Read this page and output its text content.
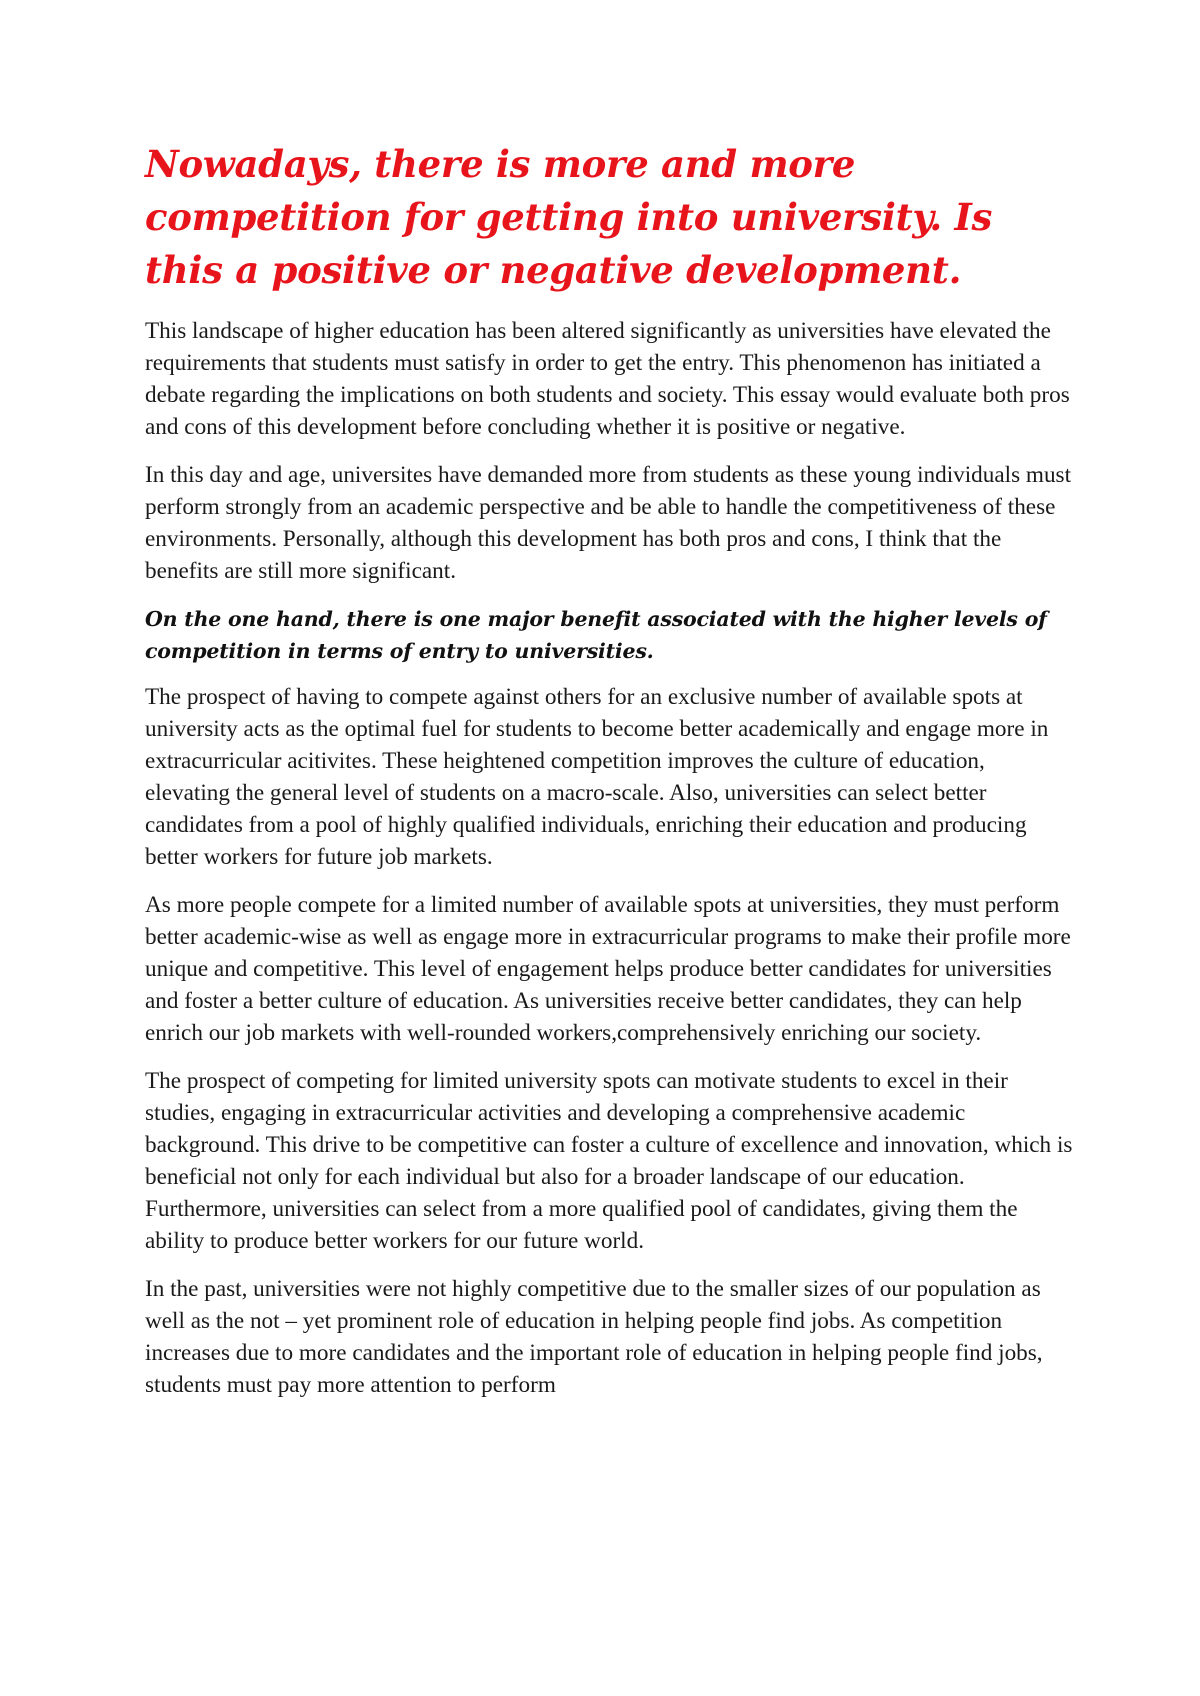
Nowadays, there is more and more competition for getting into university. Is this a positive or negative development.

This landscape of higher education has been altered significantly as universities have elevated the requirements that students must satisfy in order to get the entry. This phenomenon has initiated a debate regarding the implications on both students and society. This essay would evaluate both pros and cons of this development before concluding whether it is positive or negative.

In this day and age, universites have demanded more from students as these young individuals must perform strongly from an academic perspective and be able to handle the competitiveness of these environments. Personally, although this development has both pros and cons, I think that the benefits are still more significant.

On the one hand, there is one major benefit associated with the higher levels of competition in terms of entry to universities.

The prospect of having to compete against others for an exclusive number of available spots at university acts as the optimal fuel for students to become better academically and engage more in extracurricular acitivites. These heightened competition improves the culture of education, elevating the general level of students on a macro-scale. Also, universities can select better candidates from a pool of highly qualified individuals, enriching their education and producing better workers for future job markets.

As more people compete for a limited number of available spots at universities, they must perform better academic-wise as well as engage more in extracurricular programs to make their profile more unique and competitive. This level of engagement helps produce better candidates for universities and foster a better culture of education. As universities receive better candidates, they can help enrich our job markets with well-rounded workers,comprehensively enriching our society.

The prospect of competing for limited university spots can motivate students to excel in their studies, engaging in extracurricular activities and developing a comprehensive academic background. This drive to be competitive can foster a culture of excellence and innovation, which is beneficial not only for each individual but also for a broader landscape of our education. Furthermore, universities can select from a more qualified pool of candidates, giving them the ability to produce better workers for our future world.

In the past, universities were not highly competitive due to the smaller sizes of our population as well as the not – yet prominent role of education in helping people find jobs. As competition increases due to more candidates and the important role of education in helping people find jobs, students must pay more attention to perform
